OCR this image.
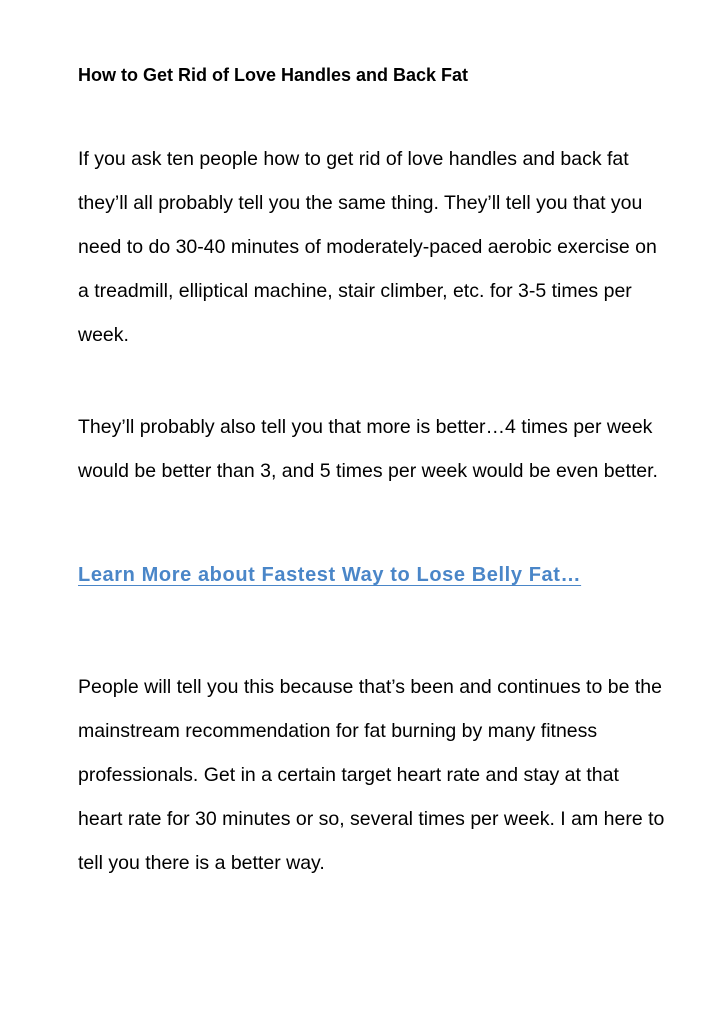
How to Get Rid of Love Handles and Back Fat

If you ask ten people how to get rid of love handles and back fat they’ll all probably tell you the same thing. They’ll tell you that you need to do 30-40 minutes of moderately-paced aerobic exercise on a treadmill, elliptical machine, stair climber, etc. for 3-5 times per week.

They’ll probably also tell you that more is better…4 times per week would be better than 3, and 5 times per week would be even better.

Learn More about Fastest Way to Lose Belly Fat…

People will tell you this because that’s been and continues to be the mainstream recommendation for fat burning by many fitness professionals. Get in a certain target heart rate and stay at that heart rate for 30 minutes or so, several times per week. I am here to tell you there is a better way.
